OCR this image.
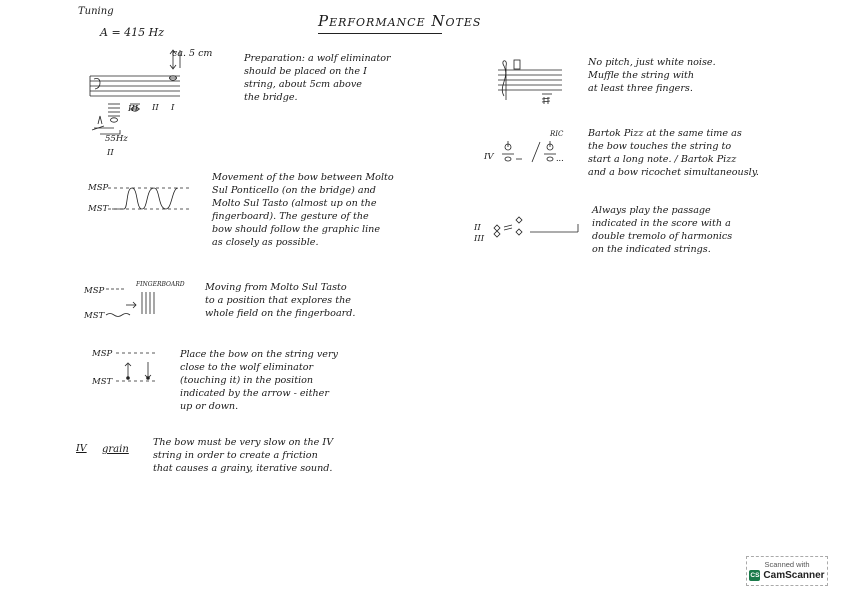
Performance Notes
Tuning
A = 415 Hz
ca. 5 cm
III II I
55Hz
II
Preparation: a wolf eliminator
should be placed on the I
string, about 5cm above
the bridge.
MSP
MST
Movement of the bow between Molto
Sul Ponticello (on the bridge) and
Molto Sul Tasto (almost up on the
fingerboard). The gesture of the
bow should follow the graphic line
as closely as possible.
MSP
MST
FINGERBOARD Moving from Molto Sul Tasto
to a position that explores the
whole field on the fingerboard.
MSP
MST
Place the bow on the string very
close to the wolf eliminator
(touching it) in the position
indicated by the arrow - either
up or down.
IV grain
The bow must be very slow on the IV
string in order to create a friction
that causes a grainy, iterative sound.
No pitch, just white noise.
Muffle the string with
at least three fingers.
IV
RIC
...
Bartok Pizz at the same time as
the bow touches the string to
start a long note. / Bartok Pizz
and a bow ricochet simultaneously.
II
III
Always play the passage
indicated in the score with a
double tremolo of harmonics
on the indicated strings.
Scanned with
CS CamScanner
